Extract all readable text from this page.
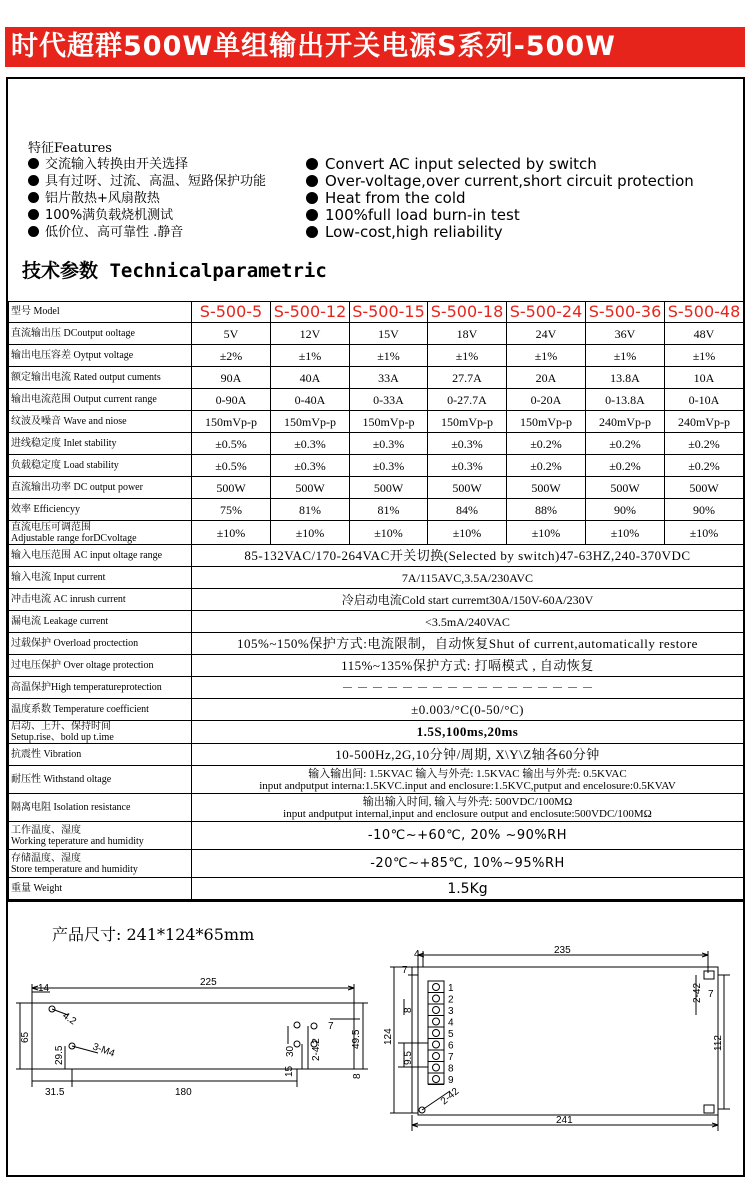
时代超群500W单组输出开关电源S系列-500W
特征Features
交流输入转换由开关选择
具有过呀、过流、高温、短路保护功能
铝片散热+风扇散热
100%满负载烧机测试
低价位、高可靠性 .静音
Convert AC input selected by switch
Over-voltage,over current,short circuit protection
Heat from the cold
100%full load burn-in test
Low-cost,high reliability
技术参数 Technicalparametric
型号 Model	S-500-5	S-500-12	S-500-15	S-500-18	S-500-24	S-500-36	S-500-48
直流输出压 DCoutput ooltage	5V	12V	15V	18V	24V	36V	48V
输出电压容差 Oytput voltage	±2%	±1%	±1%	±1%	±1%	±1%	±1%
额定输出电流 Rated output cuments	90A	40A	33A	27.7A	20A	13.8A	10A
输出电流范围 Output current range	0-90A	0-40A	0-33A	0-27.7A	0-20A	0-13.8A	0-10A
纹波及噪音 Wave and niose	150mVp-p	150mVp-p	150mVp-p	150mVp-p	150mVp-p	240mVp-p	240mVp-p
进线稳定度 Inlet stability	±0.5%	±0.3%	±0.3%	±0.3%	±0.2%	±0.2%	±0.2%
负载稳定度 Load stability	±0.5%	±0.3%	±0.3%	±0.3%	±0.2%	±0.2%	±0.2%
直流输出功率 DC output power	500W	500W	500W	500W	500W	500W	500W
效率 Efficiencyy	75%	81%	81%	84%	88%	90%	90%

直流电压可调范围
Adjustable range forDCvoltage	±10%	±10%	±10%	±10%	±10%	±10%	±10%
输入电压范围 AC input oltage range	85-132VAC/170-264VAC开关切换(Selected by switch)47-63HZ,240-370VDC						
输入电流 Input current	7A/115AVC,3.5A/230AVC						
冲击电流 AC inrush current	冷启动电流Cold start curremt30A/150V-60A/230V						
漏电流 Leakage current	<3.5mA/240VAC						
过载保护 Overload proctection	105%~150%保护方式:电流限制，自动恢复Shut of current,automatically restore						
过电压保护 Over oltage protection	115%~135%保护方式: 打嗝模式 , 自动恢复						
高温保护High temperatureprotection	－ － － － － － － － － － － － － － － － －						
温度系数 Temperature coefficient	±0.003/°C(0-50/°C)						

启动、上升、保持时间
Setup.rise、bold up t.ime	1.5S,100ms,20ms						
抗震性 Vibration	10-500Hz,2G,10分钟/周期, X\Y\Z轴各60分钟						
耐压性 Withstand oltage	输入输出间: 1.5KVAC 输入与外壳: 1.5KVAC 输出与外壳: 0.5KVAC
input andputput interna:1.5KVC.input and enclosure:1.5KVC,putput and encelosure:0.5KVAV						

隔离电阻 Isolation resistance	输出输入时间, 输入与外壳: 500VDC/100MΩ
input andputput internal,input and enclosure output and enclosute:500VDC/100MΩ						

工作温度、湿度
Working teperature and humidity	-10℃~+60℃, 20% ~90%RH						

存储温度、湿度
Store temperature and humidity	-20℃~+85℃, 10%~95%RH						
重量 Weight	1.5Kg						
产品尺寸: 241*124*65mm
225
14
4.2
3-M4
65
29.5
31.5	180
7
49.5
8
15
30 2-4.2
1
2
3
4
5
6
7
8
9
235
4
7
2-42 7
124
8
9.5
112
2-42
241
